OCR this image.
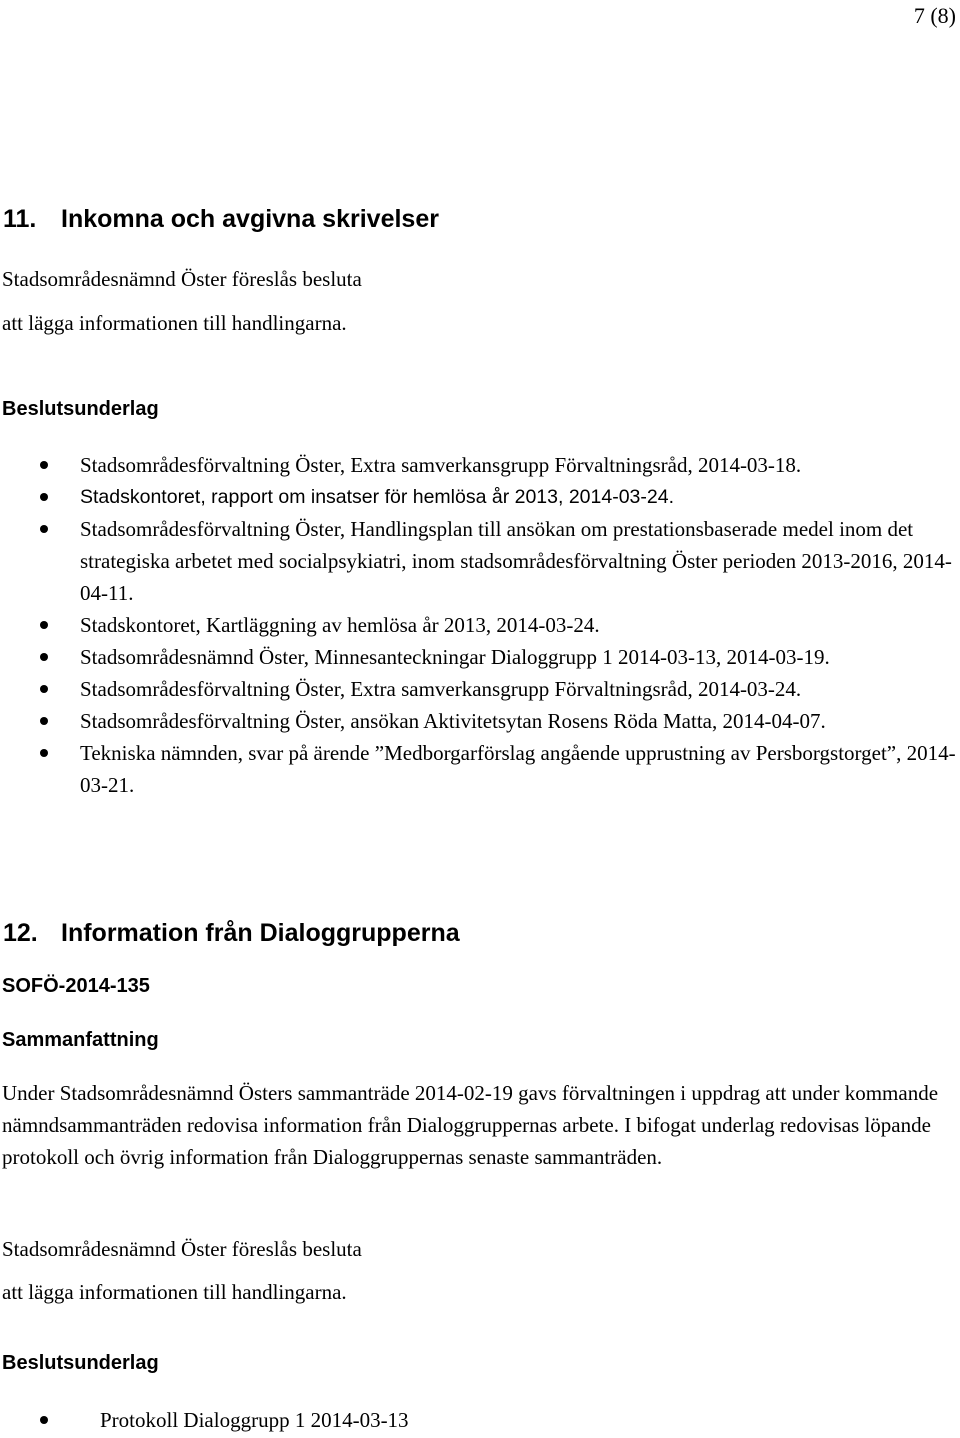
7 (8)
11. Inkomna och avgivna skrivelser
Stadsområdesnämnd Öster föreslås besluta
att lägga informationen till handlingarna.
Beslutsunderlag
Stadsområdesförvaltning Öster, Extra samverkansgrupp Förvaltningsråd, 2014-03-18.
Stadskontoret, rapport om insatser för hemlösa år 2013, 2014-03-24.
Stadsområdesförvaltning Öster, Handlingsplan till ansökan om prestationsbaserade medel inom det strategiska arbetet med socialpsykiatri, inom stadsområdesförvaltning Öster perioden 2013-2016, 2014-04-11.
Stadskontoret, Kartläggning av hemlösa år 2013, 2014-03-24.
Stadsområdesnämnd Öster, Minnesanteckningar Dialoggrupp 1 2014-03-13, 2014-03-19.
Stadsområdesförvaltning Öster, Extra samverkansgrupp Förvaltningsråd, 2014-03-24.
Stadsområdesförvaltning Öster, ansökan Aktivitetsytan Rosens Röda Matta, 2014-04-07.
Tekniska nämnden, svar på ärende ”Medborgarförslag angående upprustning av Persborgstorget”, 2014-03-21.
12. Information från Dialoggrupperna
SOFÖ-2014-135
Sammanfattning
Under Stadsområdesnämnd Östers sammanträde 2014-02-19 gavs förvaltningen i uppdrag att under kommande nämndsammanträden redovisa information från Dialoggruppernas arbete. I bifogat underlag redovisas löpande protokoll och övrig information från Dialoggruppernas senaste sammanträden.
Stadsområdesnämnd Öster föreslås besluta
att lägga informationen till handlingarna.
Beslutsunderlag
Protokoll Dialoggrupp 1 2014-03-13
